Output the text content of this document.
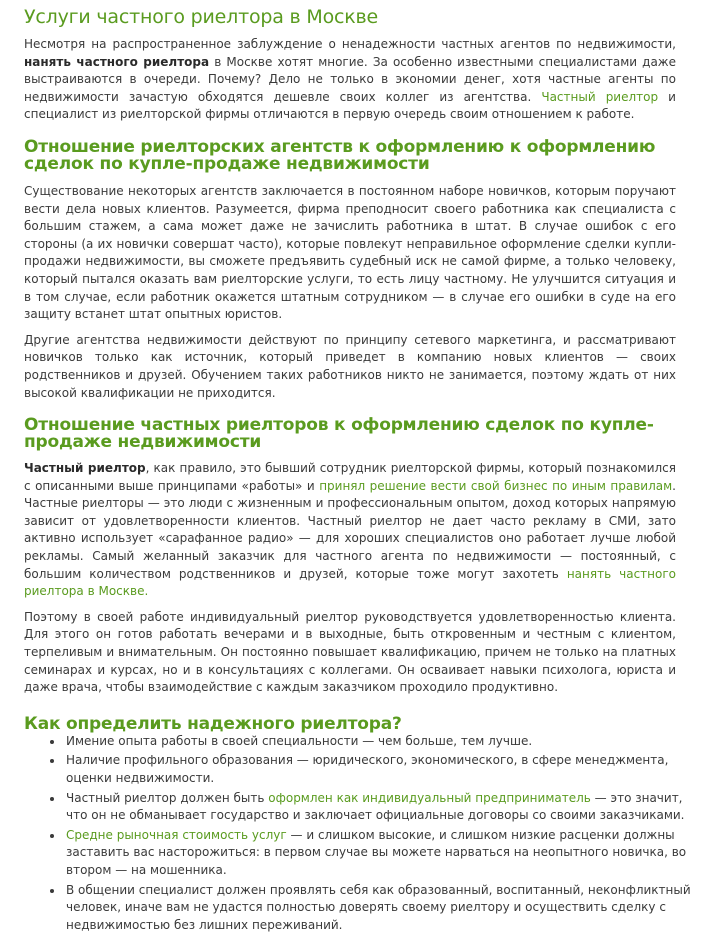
Услуги частного риелтора в Москве

Несмотря на распространенное заблуждение о ненадежности частных агентов по недвижимости, нанять частного риелтора в Москве хотят многие. За особенно известными специалистами даже выстраиваются в очереди. Почему? Дело не только в экономии денег, хотя частные агенты по недвижимости зачастую обходятся дешевле своих коллег из агентства. Частный риелтор и специалист из риелторской фирмы отличаются в первую очередь своим отношением к работе.

Отношение риелторских агентств к оформлению к оформлению сделок по купле-продаже недвижимости

Существование некоторых агентств заключается в постоянном наборе новичков, которым поручают вести дела новых клиентов. Разумеется, фирма преподносит своего работника как специалиста с большим стажем, а сама может даже не зачислить работника в штат. В случае ошибок с его стороны (а их новички совершат часто), которые повлекут неправильное оформление сделки купли-продажи недвижимости, вы сможете предъявить судебный иск не самой фирме, а только человеку, который пытался оказать вам риелторские услуги, то есть лицу частному. Не улучшится ситуация и в том случае, если работник окажется штатным сотрудником — в случае его ошибки в суде на его защиту встанет штат опытных юристов.

Другие агентства недвижимости действуют по принципу сетевого маркетинга, и рассматривают новичков только как источник, который приведет в компанию новых клиентов — своих родственников и друзей. Обучением таких работников никто не занимается, поэтому ждать от них высокой квалификации не приходится.

Отношение частных риелторов к оформлению сделок по купле-продаже недвижимости

Частный риелтор, как правило, это бывший сотрудник риелторской фирмы, который познакомился с описанными выше принципами «работы» и принял решение вести свой бизнес по иным правилам. Частные риелторы — это люди с жизненным и профессиональным опытом, доход которых напрямую зависит от удовлетворенности клиентов. Частный риелтор не дает часто рекламу в СМИ, зато активно использует «сарафанное радио» — для хороших специалистов оно работает лучше любой рекламы. Самый желанный заказчик для частного агента по недвижимости — постоянный, с большим количеством родственников и друзей, которые тоже могут захотеть нанять частного риелтора в Москве.

Поэтому в своей работе индивидуальный риелтор руководствуется удовлетворенностью клиента. Для этого он готов работать вечерами и в выходные, быть откровенным и честным с клиентом, терпеливым и внимательным. Он постоянно повышает квалификацию, причем не только на платных семинарах и курсах, но и в консультациях с коллегами. Он осваивает навыки психолога, юриста и даже врача, чтобы взаимодействие с каждым заказчиком проходило продуктивно.

Как определить надежного риелтора?
Имение опыта работы в своей специальности — чем больше, тем лучше.
Наличие профильного образования — юридического, экономического, в сфере менеджмента, оценки недвижимости.
Частный риелтор должен быть оформлен как индивидуальный предприниматель — это значит, что он не обманывает государство и заключает официальные договоры со своими заказчиками.
Средне рыночная стоимость услуг — и слишком высокие, и слишком низкие расценки должны заставить вас насторожиться: в первом случае вы можете нарваться на неопытного новичка, во втором — на мошенника.
В общении специалист должен проявлять себя как образованный, воспитанный, неконфликтный человек, иначе вам не удастся полностью доверять своему риелтору и осуществить сделку с недвижимостью без лишних переживаний.
